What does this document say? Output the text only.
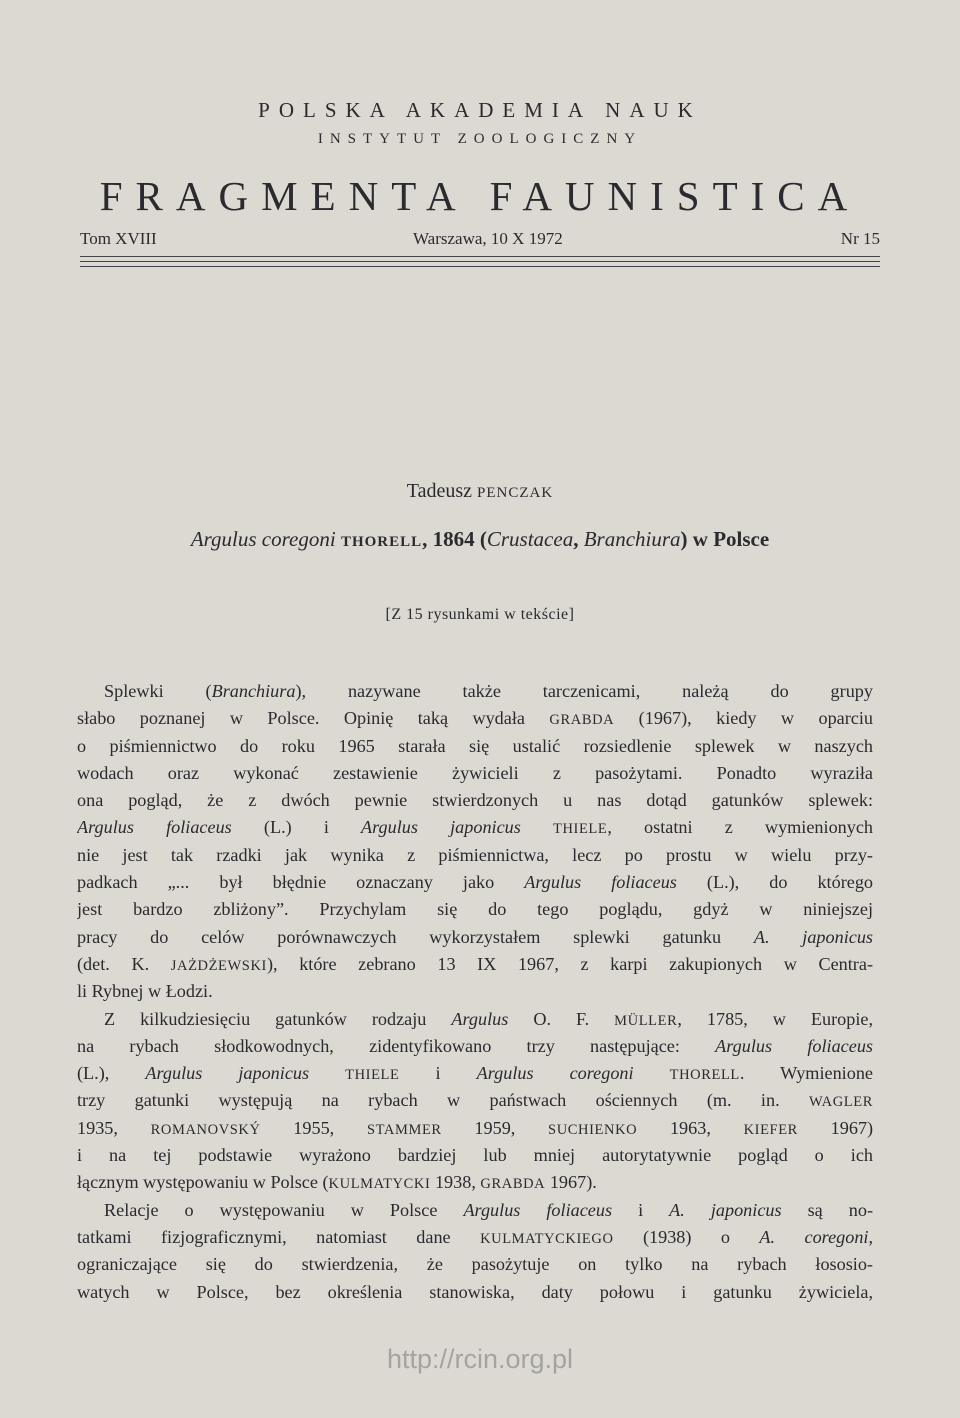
POLSKA AKADEMIA NAUK
INSTYTUT ZOOLOGICZNY
FRAGMENTA FAUNISTICA
Tom XVIII	Warszawa, 10 X 1972	Nr 15
Tadeusz PENCZAK
Argulus coregoni THORELL, 1864 (Crustacea, Branchiura) w Polsce
[Z 15 rysunkami w tekście]
Splewki (Branchiura), nazywane także tarczenicami, należą do grupy
słabo poznanej w Polsce. Opinię taką wydała GRABDA (1967), kiedy w oparciu
o piśmiennictwo do roku 1965 starała się ustalić rozsiedlenie splewek w naszych
wodach oraz wykonać zestawienie żywicieli z pasożytami. Ponadto wyraziła
ona pogląd, że z dwóch pewnie stwierdzonych u nas dotąd gatunków splewek:
Argulus foliaceus (L.) i Argulus japonicus THIELE, ostatni z wymienionych
nie jest tak rzadki jak wynika z piśmiennictwa, lecz po prostu w wielu przy-
padkach „... był błędnie oznaczany jako Argulus foliaceus (L.), do którego
jest bardzo zbliżony”. Przychylam się do tego poglądu, gdyż w niniejszej
pracy do celów porównawczych wykorzystałem splewki gatunku A. japonicus
(det. K. JAŻDŻEWSKI), które zebrano 13 IX 1967, z karpi zakupionych w Centra-
li Rybnej w Łodzi.
Z kilkudziesięciu gatunków rodzaju Argulus O. F. MÜLLER, 1785, w Europie,
na rybach słodkowodnych, zidentyfikowano trzy następujące: Argulus foliaceus
(L.), Argulus japonicus THIELE i Argulus coregoni THORELL. Wymienione
trzy gatunki występują na rybach w państwach ościennych (m. in. WAGLER
1935, ROMANOVSKÝ 1955, STAMMER 1959, SUCHIENKO 1963, KIEFER 1967)
i na tej podstawie wyrażono bardziej lub mniej autorytatywnie pogląd o ich
łącznym występowaniu w Polsce (KULMATYCKI 1938, GRABDA 1967).
Relacje o występowaniu w Polsce Argulus foliaceus i A. japonicus są no-
tatkami fizjograficznymi, natomiast dane KULMATYCKIEGO (1938) o A. coregoni,
ograniczające się do stwierdzenia, że pasożytuje on tylko na rybach łososio-
watych w Polsce, bez określenia stanowiska, daty połowu i gatunku żywiciela,
http://rcin.org.pl
